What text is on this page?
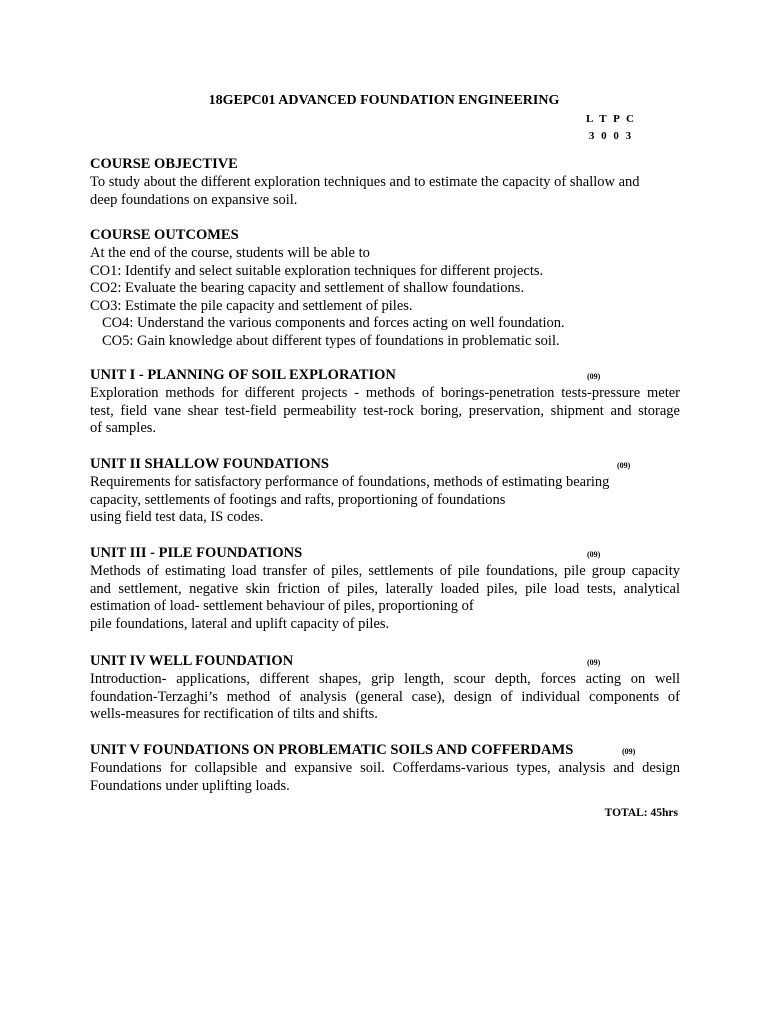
18GEPC01 ADVANCED FOUNDATION ENGINEERING
L T P C
3 0 0 3
COURSE OBJECTIVE
To study about the different exploration techniques and to estimate the capacity of shallow and
deep foundations on expansive soil.
COURSE OUTCOMES
At the end of the course, students will be able to
CO1: Identify and select suitable exploration techniques for different projects.
CO2: Evaluate the bearing capacity and settlement of shallow foundations.
CO3: Estimate the pile capacity and settlement of piles.
CO4: Understand the various components and forces acting on well foundation.
CO5: Gain knowledge about different types of foundations in problematic soil.
UNIT I - PLANNING OF SOIL EXPLORATION	(09)
Exploration methods for different projects - methods of borings-penetration tests-pressure meter
test, field vane shear test-field permeability test-rock boring, preservation, shipment and storage
of samples.
UNIT II SHALLOW FOUNDATIONS	(09)
Requirements for satisfactory performance of foundations, methods of estimating bearing
capacity, settlements of footings and rafts, proportioning of foundations
using field test data, IS codes.
UNIT III - PILE FOUNDATIONS	(09)
Methods of estimating load transfer of piles, settlements of pile foundations, pile group capacity
and settlement, negative skin friction of piles, laterally loaded piles, pile load tests, analytical
estimation of load- settlement behaviour of piles, proportioning of
pile foundations, lateral and uplift capacity of piles.
UNIT IV WELL FOUNDATION	(09)
Introduction- applications, different shapes, grip length, scour depth, forces acting on well
foundation-Terzaghi’s method of analysis (general case), design of individual components of
wells-measures for rectification of tilts and shifts.
UNIT V FOUNDATIONS ON PROBLEMATIC SOILS AND COFFERDAMS	(09)
Foundations for collapsible and expansive soil. Cofferdams-various types, analysis and design
Foundations under uplifting loads.
TOTAL: 45hrs
